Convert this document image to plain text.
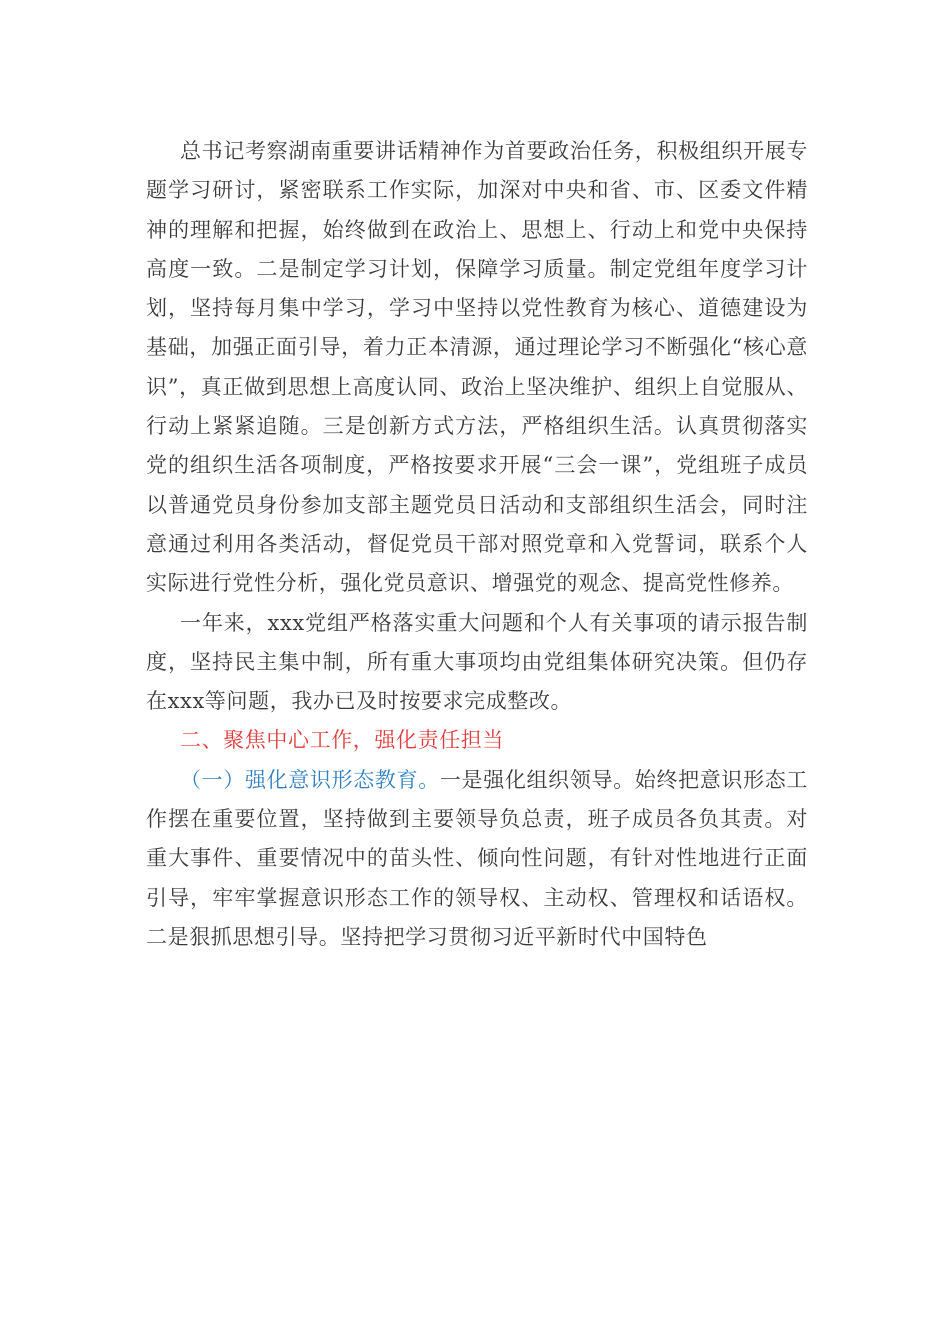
总书记考察湖南重要讲话精神作为首要政治任务，积极组织开展专题学习研讨，紧密联系工作实际，加深对中央和省、市、区委文件精神的理解和把握，始终做到在政治上、思想上、行动上和党中央保持高度一致。二是制定学习计划，保障学习质量。制定党组年度学习计划，坚持每月集中学习，学习中坚持以党性教育为核心、道德建设为基础，加强正面引导，着力正本清源，通过理论学习不断强化“核心意识”，真正做到思想上高度认同、政治上坚决维护、组织上自觉服从、行动上紧紧追随。三是创新方式方法，严格组织生活。认真贯彻落实党的组织生活各项制度，严格按要求开展“三会一课”，党组班子成员以普通党员身份参加支部主题党员日活动和支部组织生活会，同时注意通过利用各类活动，督促党员干部对照党章和入党誓词，联系个人实际进行党性分析，强化党员意识、增强党的观念、提高党性修养。

一年来，xxx党组严格落实重大问题和个人有关事项的请示报告制度，坚持民主集中制，所有重大事项均由党组集体研究决策。但仍存在xxx等问题，我办已及时按要求完成整改。

二、聚焦中心工作，强化责任担当

（一）强化意识形态教育。一是强化组织领导。始终把意识形态工作摆在重要位置，坚持做到主要领导负总责，班子成员各负其责。对重大事件、重要情况中的苗头性、倾向性问题，有针对性地进行正面引导，牢牢掌握意识形态工作的领导权、主动权、管理权和话语权。二是狠抓思想引导。坚持把学习贯彻习近平新时代中国特色
